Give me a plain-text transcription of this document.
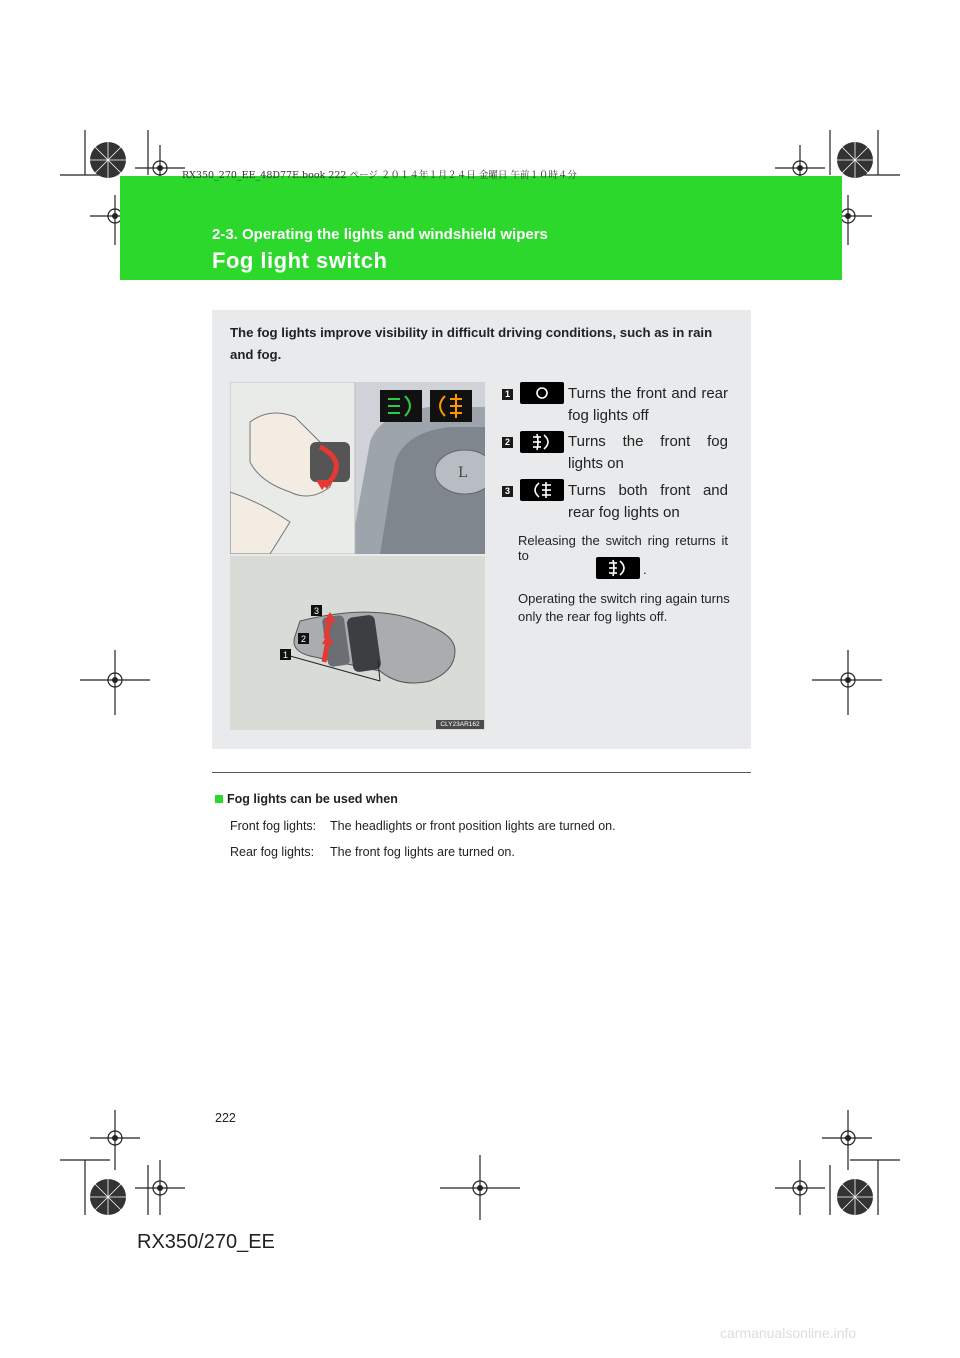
RX350_270_EE_48D77E.book 222 ページ ２０１４年１月２４日 金曜日 午前１０時４分
2-3. Operating the lights and windshield wipers
Fog light switch
The fog lights improve visibility in difficult driving conditions, such as in rain and fog.
L
3
2
1
CLY23AR162
1	Turns the front and rear fog lights off
2	Turns the front fog lights on
3	Turns both front and rear fog lights on
Releasing the switch ring returns it to
.
Operating the switch ring again turns only the rear fog lights off.
Fog lights can be used when
Front fog lights: The headlights or front position lights are turned on.
Rear fog lights: The front fog lights are turned on.
222
RX350/270_EE
carmanualsonline.info
